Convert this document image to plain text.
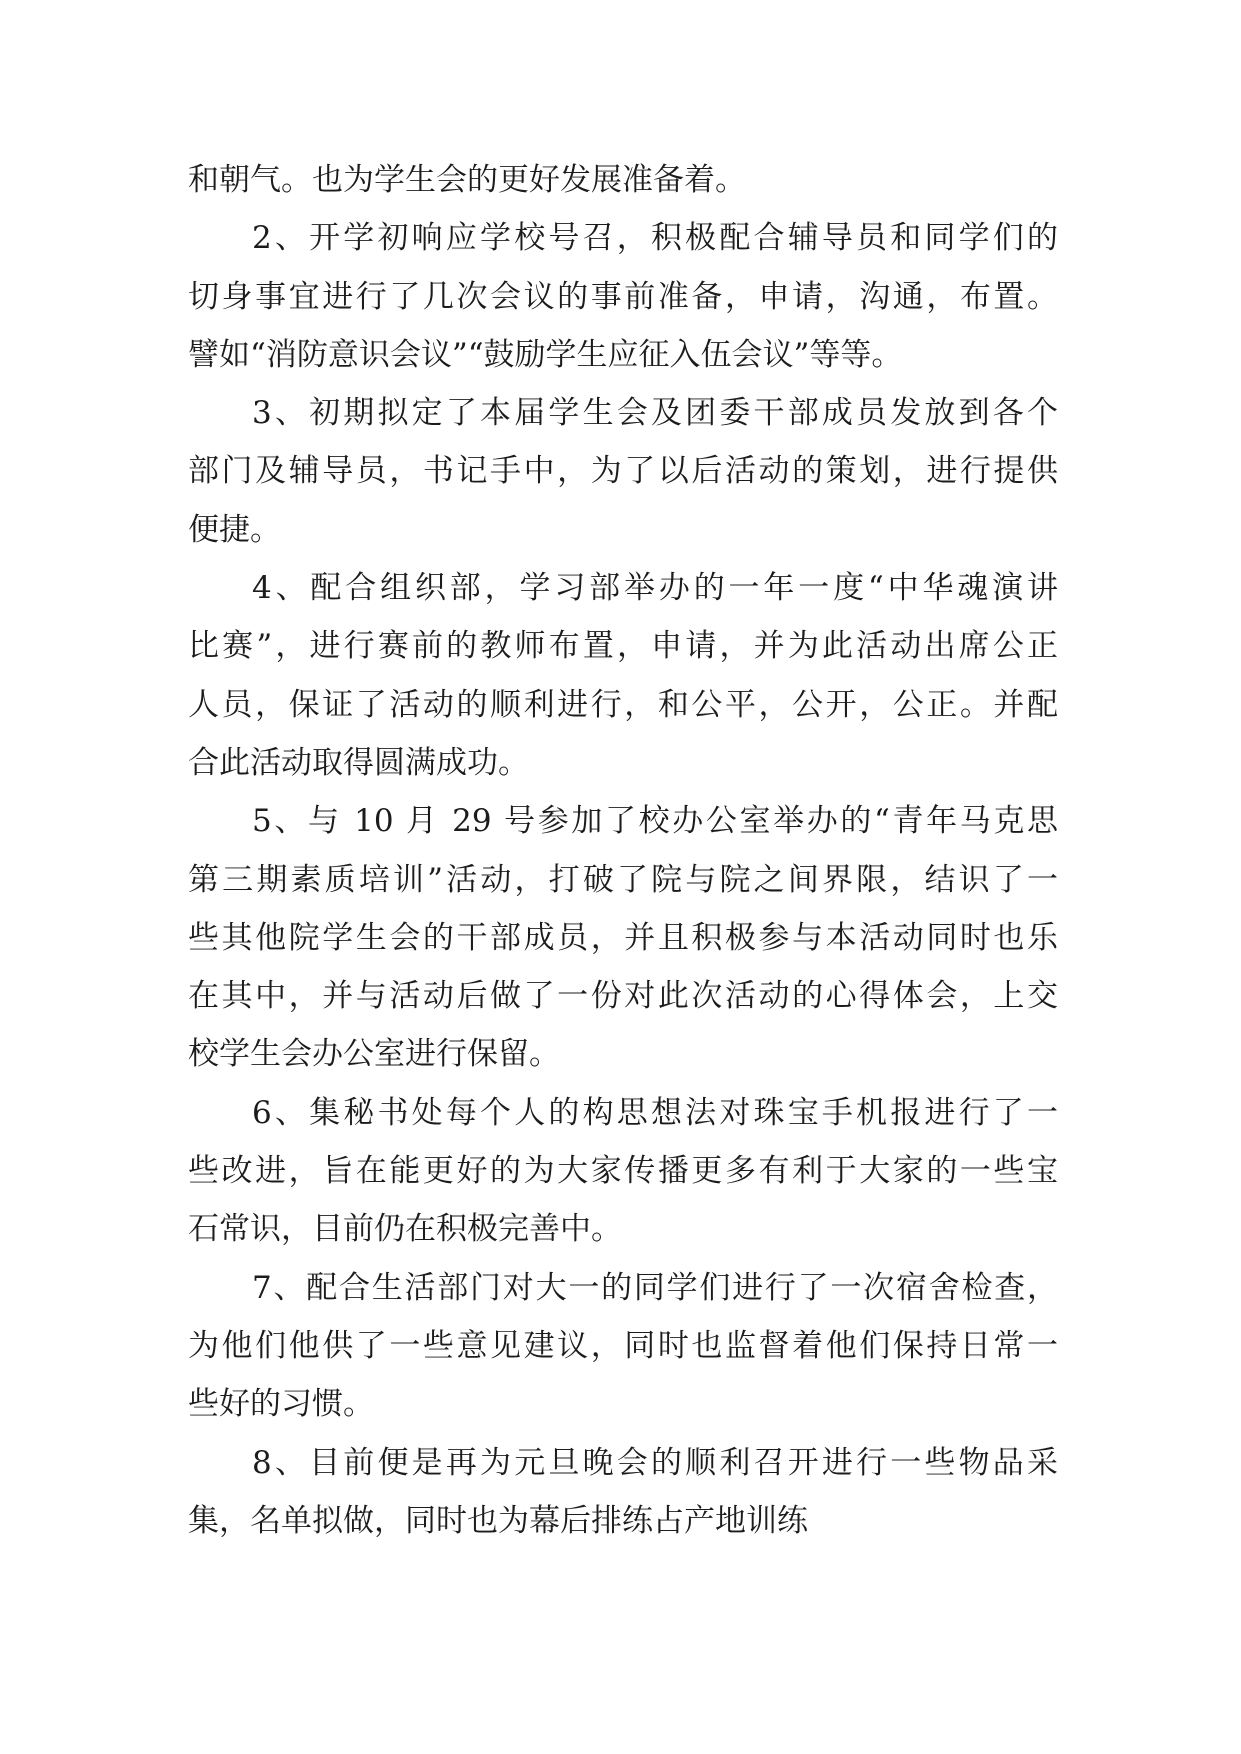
和朝气。也为学生会的更好发展准备着。
2、开学初响应学校号召，积极配合辅导员和同学们的
切身事宜进行了几次会议的事前准备，申请，沟通，布置。
譬如“消防意识会议”“鼓励学生应征入伍会议”等等。
3、初期拟定了本届学生会及团委干部成员发放到各个
部门及辅导员，书记手中，为了以后活动的策划，进行提供
便捷。
4、配合组织部，学习部举办的一年一度“中华魂演讲
比赛”，进行赛前的教师布置，申请，并为此活动出席公正
人员，保证了活动的顺利进行，和公平，公开，公正。并配
合此活动取得圆满成功。
5、与 10 月 29 号参加了校办公室举办的“青年马克思
第三期素质培训”活动，打破了院与院之间界限，结识了一
些其他院学生会的干部成员，并且积极参与本活动同时也乐
在其中，并与活动后做了一份对此次活动的心得体会，上交
校学生会办公室进行保留。
6、集秘书处每个人的构思想法对珠宝手机报进行了一
些改进，旨在能更好的为大家传播更多有利于大家的一些宝
石常识，目前仍在积极完善中。
7、配合生活部门对大一的同学们进行了一次宿舍检查，
为他们他供了一些意见建议，同时也监督着他们保持日常一
些好的习惯。
8、目前便是再为元旦晚会的顺利召开进行一些物品采
集，名单拟做，同时也为幕后排练占产地训练
